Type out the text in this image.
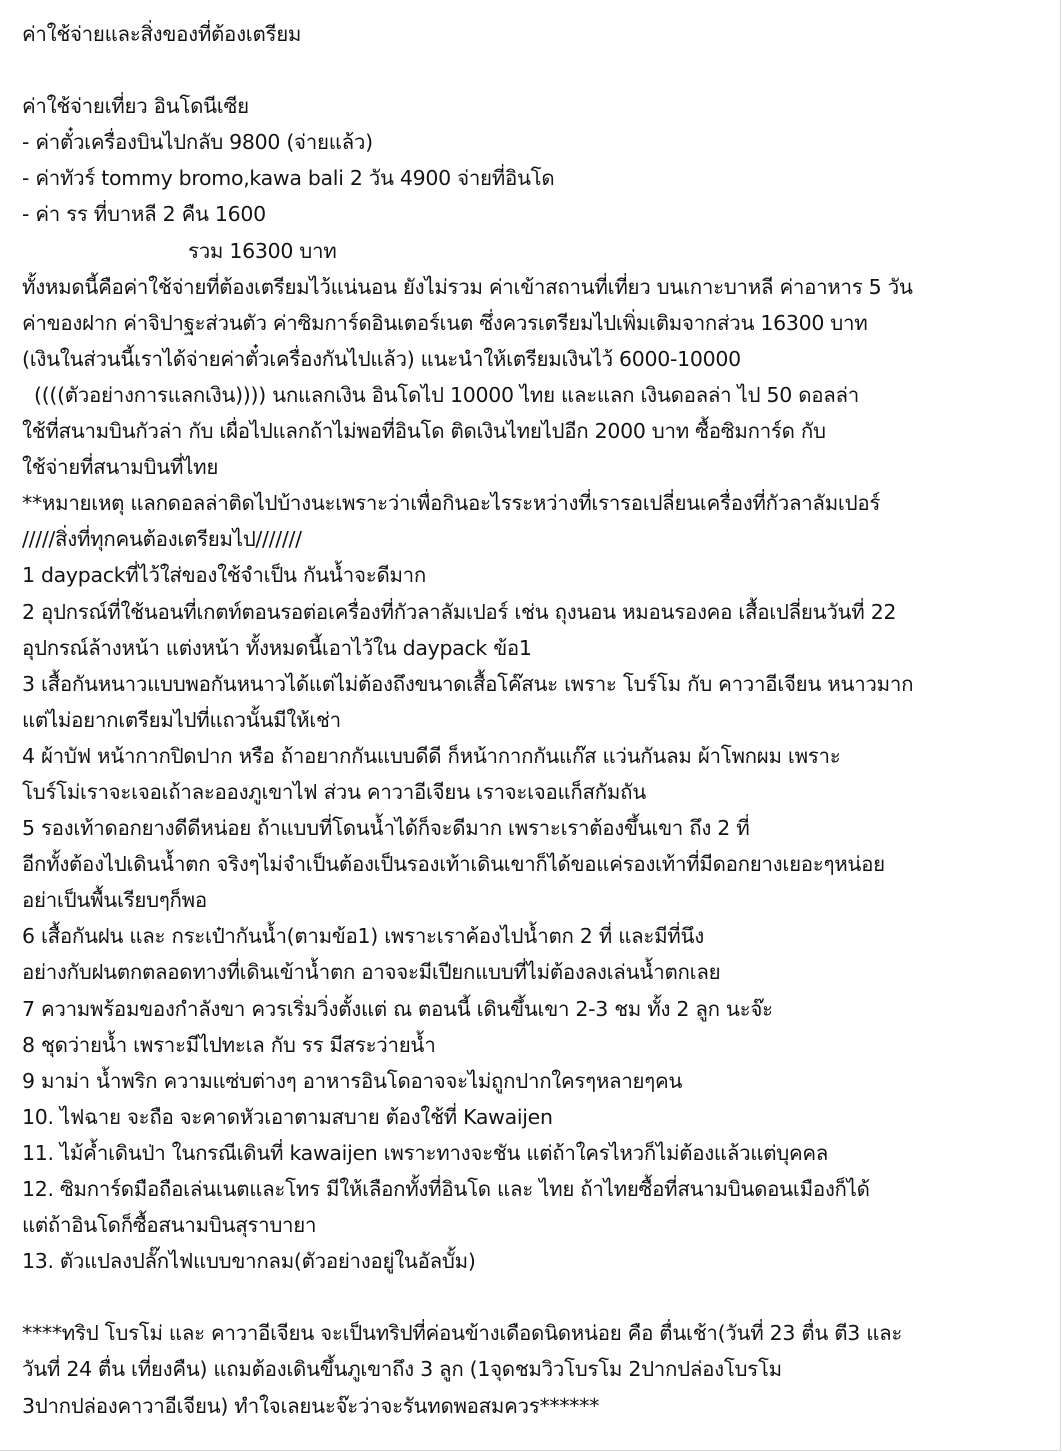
ค่าใช้จ่ายและสิ่งของที่ต้องเตรียม
ค่าใช้จ่ายเที่ยว อินโดนีเซีย
- ค่าตั๋วเครื่องบินไปกลับ 9800 (จ่ายแล้ว)
- ค่าทัวร์ tommy bromo,kawa bali 2 วัน 4900 จ่ายที่อินโด
- ค่า รร ที่บาหลี 2 คืน 1600
รวม 16300 บาท
ทั้งหมดนี้คือค่าใช้จ่ายที่ต้องเตรียมไว้แน่นอน ยังไม่รวม ค่าเข้าสถานที่เที่ยว บนเกาะบาหลี ค่าอาหาร 5 วัน
ค่าของฝาก ค่าจิปาฐะส่วนตัว ค่าซิมการ์ดอินเตอร์เนต ซึ่งควรเตรียมไปเพิ่มเติมจากส่วน 16300 บาท
(เงินในส่วนนี้เราได้จ่ายค่าตั๋วเครื่องกันไปแล้ว) แนะนำให้เตรียมเงินไว้ 6000-10000
((((ตัวอย่างการแลกเงิน)))) นกแลกเงิน อินโดไป 10000 ไทย และแลก เงินดอลล่า ไป 50 ดอลล่า
ใช้ที่สนามบินกัวล่า กับ เผื่อไปแลกถ้าไม่พอที่อินโด ติดเงินไทยไปอีก 2000 บาท ซื้อซิมการ์ด กับ
ใช้จ่ายที่สนามบินที่ไทย
**หมายเหตุ แลกดอลล่าติดไปบ้างนะเพราะว่าเพื่อกินอะไรระหว่างที่เรารอเปลี่ยนเครื่องที่กัวลาลัมเปอร์
/////สิ่งที่ทุกคนต้องเตรียมไป///////
1 daypackที่ไว้ใส่ของใช้จำเป็น กันน้ำจะดีมาก
2 อุปกรณ์ที่ใช้นอนที่เกตท์ตอนรอต่อเครื่องที่กัวลาลัมเปอร์ เช่น ถุงนอน หมอนรองคอ เสื้อเปลี่ยนวันที่ 22
อุปกรณ์ล้างหน้า แต่งหน้า ทั้งหมดนี้เอาไว้ใน daypack ข้อ1
3 เสื้อกันหนาวแบบพอกันหนาวได้แต่ไม่ต้องถึงขนาดเสื้อโค๊สนะ เพราะ โบร์โม กับ คาวาอีเจียน หนาวมาก
แต่ไม่อยากเตรียมไปที่แถวนั้นมีให้เช่า
4 ผ้าบัฟ หน้ากากปิดปาก หรือ ถ้าอยากกันแบบดีดี ก็หน้ากากกันแก๊ส แว่นกันลม ผ้าโพกผม เพราะ
โบร์โม่เราจะเจอเถ้าละอองภูเขาไฟ ส่วน คาวาอีเจียน เราจะเจอแก็สกัมถัน
5 รองเท้าดอกยางดีดีหน่อย ถ้าแบบที่โดนน้ำได้ก็จะดีมาก เพราะเราต้องขึ้นเขา ถึง 2 ที่
อีกทั้งต้องไปเดินน้ำตก จริงๆไม่จำเป็นต้องเป็นรองเท้าเดินเขาก็ได้ขอแค่รองเท้าที่มีดอกยางเยอะๆหน่อย
อย่าเป็นพื้นเรียบๆก็พอ
6 เสื้อกันฝน และ กระเป๋ากันน้ำ(ตามข้อ1) เพราะเราค้องไปน้ำตก 2 ที่ และมีที่นึง
อย่างกับฝนตกตลอดทางที่เดินเข้าน้ำตก อาจจะมีเปียกแบบที่ไม่ต้องลงเล่นน้ำตกเลย
7 ความพร้อมของกำลังขา ควรเริ่มวิ่งตั้งแต่ ณ ตอนนี้ เดินขึ้นเขา 2-3 ชม ทั้ง 2 ลูก นะจ๊ะ
8 ชุดว่ายน้ำ เพราะมีไปทะเล กับ รร มีสระว่ายน้ำ
9 มาม่า น้ำพริก ความแซ่บต่างๆ อาหารอินโดอาจจะไม่ถูกปากใครๆหลายๆคน
10. ไฟฉาย จะถือ จะคาดหัวเอาตามสบาย ต้องใช้ที่ Kawaijen
11. ไม้ค้ำเดินป่า ในกรณีเดินที่ kawaijen เพราะทางจะชัน แต่ถ้าใครไหวก็ไม่ต้องแล้วแต่บุคคล
12. ซิมการ์ดมือถือเล่นเนตและโทร มีให้เลือกทั้งที่อินโด และ ไทย ถ้าไทยซื้อที่สนามบินดอนเมืองก็ได้
แต่ถ้าอินโดก็ซื้อสนามบินสุราบายา
13. ตัวแปลงปลั๊กไฟแบบขากลม(ตัวอย่างอยู่ในอัลบั้ม)
****ทริป โบรโม่ และ คาวาอีเจียน จะเป็นทริปที่ค่อนข้างเดือดนิดหน่อย คือ ตื่นเช้า(วันที่ 23 ตื่น ตี3 และ
วันที่ 24 ตื่น เที่ยงคืน) แถมต้องเดินขึ้นภูเขาถึง 3 ลูก (1จุดชมวิวโบรโม 2ปากปล่องโบรโม
3ปากปล่องคาวาอีเจียน) ทำใจเลยนะจ๊ะว่าจะรันทดพอสมควร******
